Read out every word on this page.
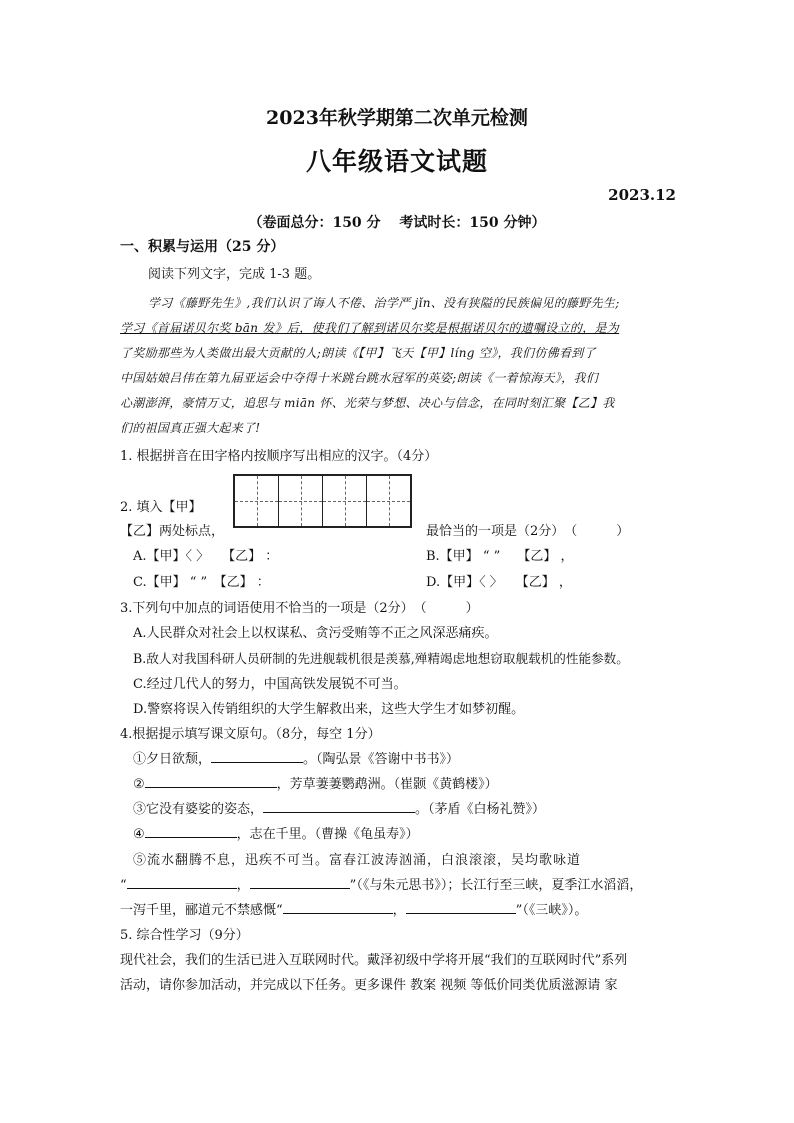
2023年秋学期第二次单元检测
八年级语文试题
2023.12
（卷面总分：150 分　 考试时长：150 分钟）
一、积累与运用（25 分）
阅读下列文字，完成 1-3 题。
学习《藤野先生》,我们认识了诲人不倦、治学严 jǐn、没有狭隘的民族偏见的藤野先生;
学习《首届诺贝尔奖 bān 发》后，使我们了解到诺贝尔奖是根据诺贝尔的遗嘱设立的，是为
了奖励那些为人类做出最大贡献的人;朗读《【甲】飞天【甲】líng 空》，我们仿佛看到了
中国姑娘吕伟在第九届亚运会中夺得十米跳台跳水冠军的英姿;朗读《一着惊海天》，我们
心潮澎湃，豪情万丈，追思与 miān 怀、光荣与梦想、决心与信念，在同时刻汇聚【乙】我
们的祖国真正强大起来了!
1. 根据拼音在田字格内按顺序写出相应的汉字。（4分）
2. 填入【甲】
【乙】两处标点，	最恰当的一项是（2分）　（　　　）
A.【甲】〈 〉　　【乙】 ：	B.【甲】 “ ”　 【乙】 ，
C.【甲】 “ ”　【乙】 ：	D.【甲】〈 〉　　【乙】 ，
3.下列句中加点的词语使用不恰当的一项是（2分）　（　　　）
A.人民群众对社会上以权谋私、贪污受贿等不正之风深恶痛疾。
B.敌人对我国科研人员研制的先进舰载机很是羡慕,殚精竭虑地想窃取舰载机的性能参数。
C.经过几代人的努力，中国高铁发展锐不可当。
D.警察将误入传销组织的大学生解救出来，这些大学生才如梦初醒。
4.根据提示填写课文原句。（8分，每空 1分）
①夕日欲颓，	。（陶弘景《答谢中书书》）
②	，芳草萋萋鹦鹉洲。（崔颢《黄鹤楼》）
③它没有婆娑的姿态，	。（茅盾《白杨礼赞》）
④	，志在千里。（曹操《龟虽寿》）
⑤流水翻腾不息，迅疾不可当。富春江波涛汹涌，白浪滚滚，吴均歌咏道
“	，	”（《与朱元思书》）；长江行至三峡，夏季江水滔滔，
一泻千里，郦道元不禁感慨“	，	”（《三峡》）。
5. 综合性学习（9分）
现代社会，我们的生活已进入互联网时代。戴泽初级中学将开展“我们的互联网时代”系列
活动，请你参加活动，并完成以下任务。更多课件 教案 视频 等低价同类优质滋源请 家
